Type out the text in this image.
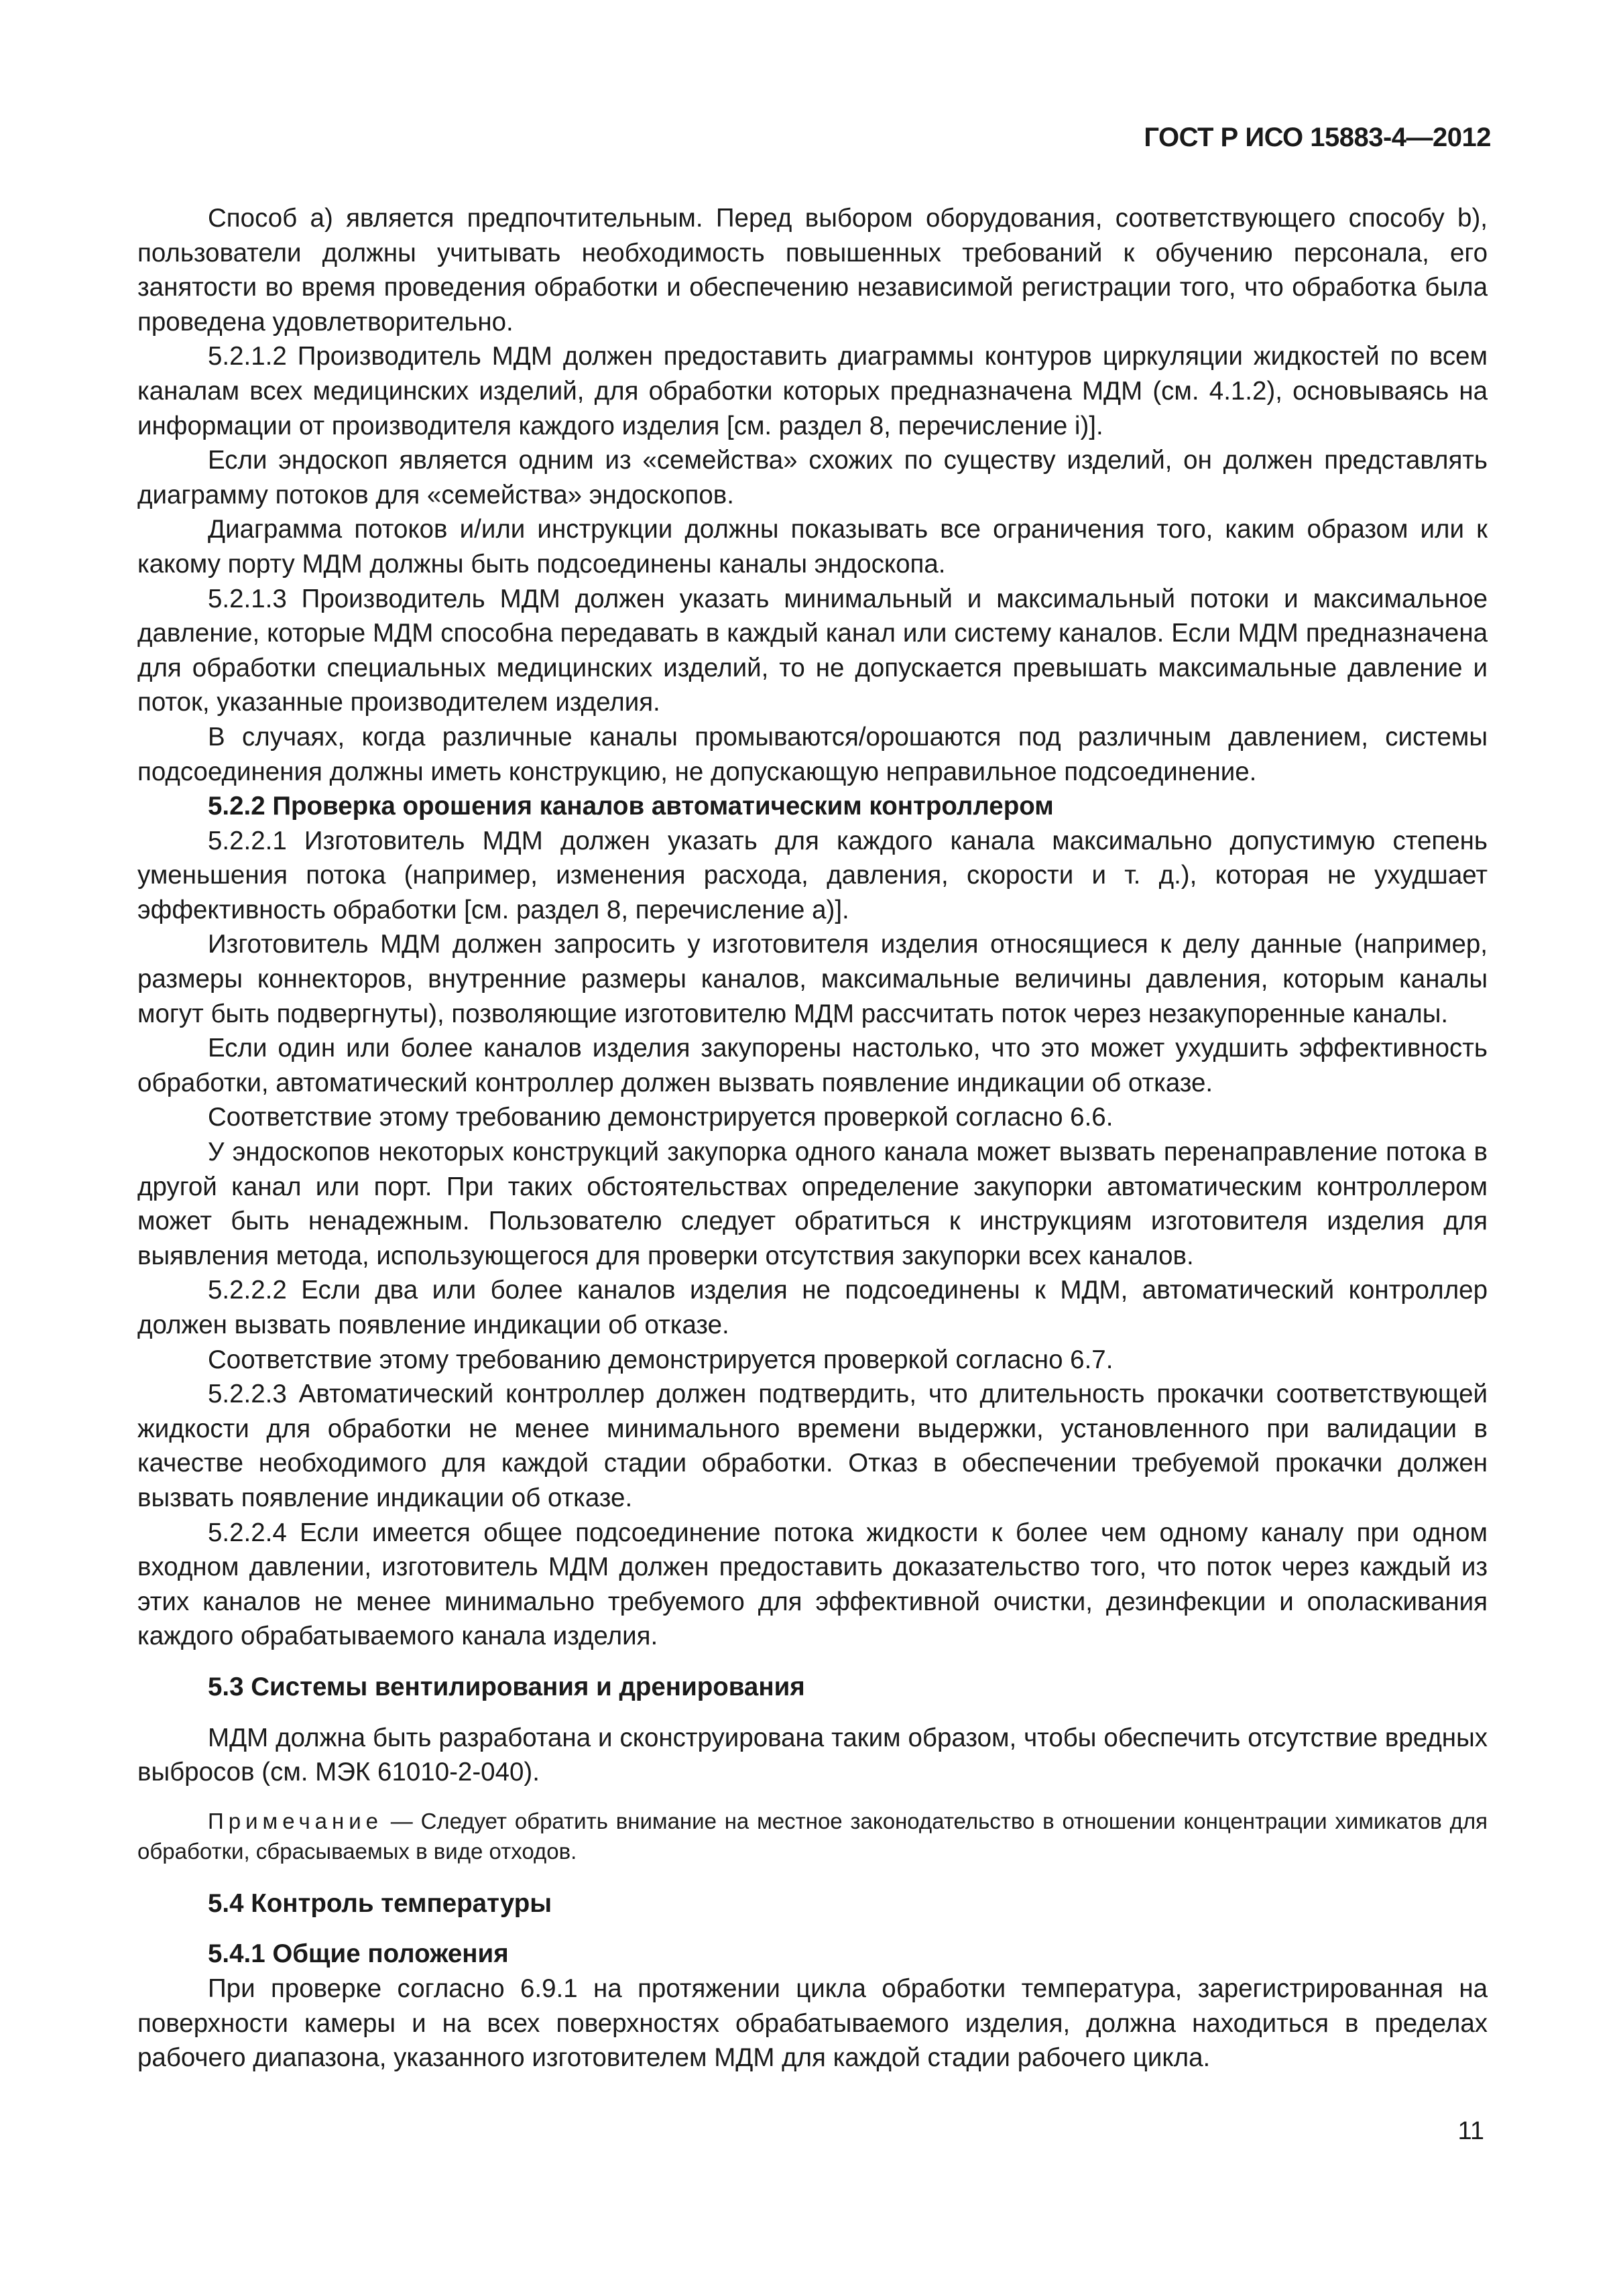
ГОСТ Р ИСО 15883-4—2012

Способ а) является предпочтительным. Перед выбором оборудования, соответствующего способу b), пользователи должны учитывать необходимость повышенных требований к обучению персонала, его занятости во время проведения обработки и обеспечению независимой регистрации того, что обработка была проведена удовлетворительно.

5.2.1.2 Производитель МДМ должен предоставить диаграммы контуров циркуляции жидкостей по всем каналам всех медицинских изделий, для обработки которых предназначена МДМ (см. 4.1.2), основываясь на информации от производителя каждого изделия [см. раздел 8, перечисление i)].

Если эндоскоп является одним из «семейства» схожих по существу изделий, он должен представлять диаграмму потоков для «семейства» эндоскопов.

Диаграмма потоков и/или инструкции должны показывать все ограничения того, каким образом или к какому порту МДМ должны быть подсоединены каналы эндоскопа.

5.2.1.3 Производитель МДМ должен указать минимальный и максимальный потоки и максимальное давление, которые МДМ способна передавать в каждый канал или систему каналов. Если МДМ предназначена для обработки специальных медицинских изделий, то не допускается превышать максимальные давление и поток, указанные производителем изделия.

В случаях, когда различные каналы промываются/орошаются под различным давлением, системы подсоединения должны иметь конструкцию, не допускающую неправильное подсоединение.

5.2.2 Проверка орошения каналов автоматическим контроллером

5.2.2.1 Изготовитель МДМ должен указать для каждого канала максимально допустимую степень уменьшения потока (например, изменения расхода, давления, скорости и т. д.), которая не ухудшает эффективность обработки [см. раздел 8, перечисление а)].

Изготовитель МДМ должен запросить у изготовителя изделия относящиеся к делу данные (например, размеры коннекторов, внутренние размеры каналов, максимальные величины давления, которым каналы могут быть подвергнуты), позволяющие изготовителю МДМ рассчитать поток через незакупоренные каналы.

Если один или более каналов изделия закупорены настолько, что это может ухудшить эффективность обработки, автоматический контроллер должен вызвать появление индикации об отказе.

Соответствие этому требованию демонстрируется проверкой согласно 6.6.

У эндоскопов некоторых конструкций закупорка одного канала может вызвать перенаправление потока в другой канал или порт. При таких обстоятельствах определение закупорки автоматическим контроллером может быть ненадежным. Пользователю следует обратиться к инструкциям изготовителя изделия для выявления метода, использующегося для проверки отсутствия закупорки всех каналов.

5.2.2.2 Если два или более каналов изделия не подсоединены к МДМ, автоматический контроллер должен вызвать появление индикации об отказе.

Соответствие этому требованию демонстрируется проверкой согласно 6.7.

5.2.2.3 Автоматический контроллер должен подтвердить, что длительность прокачки соответствующей жидкости для обработки не менее минимального времени выдержки, установленного при валидации в качестве необходимого для каждой стадии обработки. Отказ в обеспечении требуемой прокачки должен вызвать появление индикации об отказе.

5.2.2.4 Если имеется общее подсоединение потока жидкости к более чем одному каналу при одном входном давлении, изготовитель МДМ должен предоставить доказательство того, что поток через каждый из этих каналов не менее минимально требуемого для эффективной очистки, дезинфекции и ополаскивания каждого обрабатываемого канала изделия.

5.3 Системы вентилирования и дренирования

МДМ должна быть разработана и сконструирована таким образом, чтобы обеспечить отсутствие вредных выбросов (см. МЭК 61010-2-040).

Примечание — Следует обратить внимание на местное законодательство в отношении концентрации химикатов для обработки, сбрасываемых в виде отходов.

5.4 Контроль температуры

5.4.1 Общие положения

При проверке согласно 6.9.1 на протяжении цикла обработки температура, зарегистрированная на поверхности камеры и на всех поверхностях обрабатываемого изделия, должна находиться в пределах рабочего диапазона, указанного изготовителем МДМ для каждой стадии рабочего цикла.

11
